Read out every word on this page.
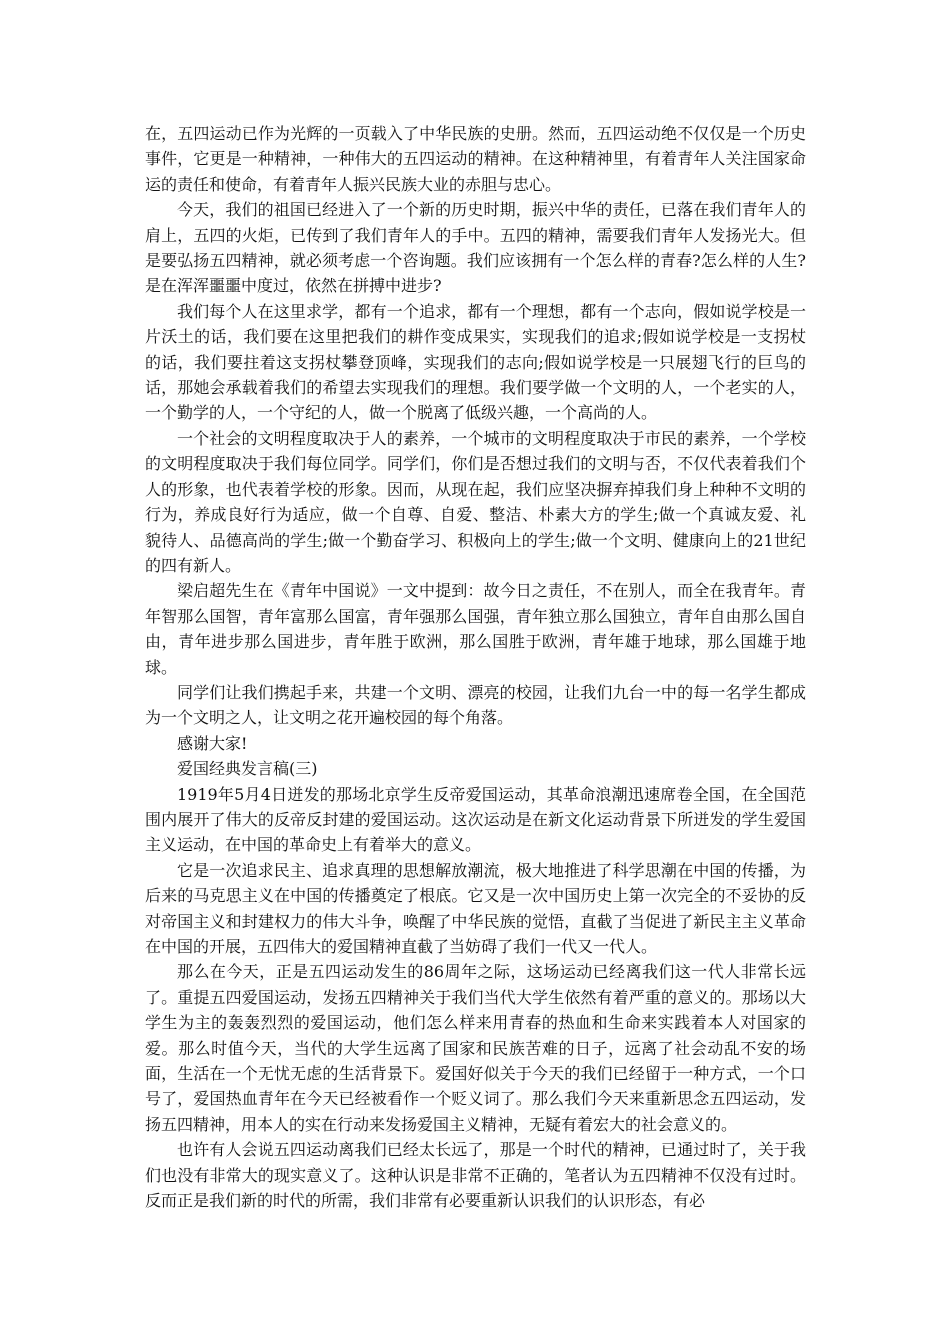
在，五四运动已作为光辉的一页载入了中华民族的史册。然而，五四运动绝不仅仅是一个历史事件，它更是一种精神，一种伟大的五四运动的精神。在这种精神里，有着青年人关注国家命运的责任和使命，有着青年人振兴民族大业的赤胆与忠心。

今天，我们的祖国已经进入了一个新的历史时期，振兴中华的责任，已落在我们青年人的肩上，五四的火炬，已传到了我们青年人的手中。五四的精神，需要我们青年人发扬光大。但是要弘扬五四精神，就必须考虑一个咨询题。我们应该拥有一个怎么样的青春?怎么样的人生?是在浑浑噩噩中度过，依然在拼搏中进步?

我们每个人在这里求学，都有一个追求，都有一个理想，都有一个志向，假如说学校是一片沃土的话，我们要在这里把我们的耕作变成果实，实现我们的追求;假如说学校是一支拐杖的话，我们要拄着这支拐杖攀登顶峰，实现我们的志向;假如说学校是一只展翅飞行的巨鸟的话，那她会承载着我们的希望去实现我们的理想。我们要学做一个文明的人，一个老实的人，一个勤学的人，一个守纪的人，做一个脱离了低级兴趣，一个高尚的人。

一个社会的文明程度取决于人的素养，一个城市的文明程度取决于市民的素养，一个学校的文明程度取决于我们每位同学。同学们，你们是否想过我们的文明与否，不仅代表着我们个人的形象，也代表着学校的形象。因而，从现在起，我们应坚决摒弃掉我们身上种种不文明的行为，养成良好行为适应，做一个自尊、自爱、整洁、朴素大方的学生;做一个真诚友爱、礼貌待人、品德高尚的学生;做一个勤奋学习、积极向上的学生;做一个文明、健康向上的21世纪的四有新人。

梁启超先生在《青年中国说》一文中提到：故今日之责任，不在别人，而全在我青年。青年智那么国智，青年富那么国富，青年强那么国强，青年独立那么国独立，青年自由那么国自由，青年进步那么国进步，青年胜于欧洲，那么国胜于欧洲，青年雄于地球，那么国雄于地球。

同学们让我们携起手来，共建一个文明、漂亮的校园，让我们九台一中的每一名学生都成为一个文明之人，让文明之花开遍校园的每个角落。

感谢大家!

爱国经典发言稿(三)

1919年5月4日迸发的那场北京学生反帝爱国运动，其革命浪潮迅速席卷全国，在全国范围内展开了伟大的反帝反封建的爱国运动。这次运动是在新文化运动背景下所迸发的学生爱国主义运动，在中国的革命史上有着举大的意义。

它是一次追求民主、追求真理的思想解放潮流，极大地推进了科学思潮在中国的传播，为后来的马克思主义在中国的传播奠定了根底。它又是一次中国历史上第一次完全的不妥协的反对帝国主义和封建权力的伟大斗争，唤醒了中华民族的觉悟，直截了当促进了新民主主义革命在中国的开展，五四伟大的爱国精神直截了当妨碍了我们一代又一代人。

那么在今天，正是五四运动发生的86周年之际，这场运动已经离我们这一代人非常长远了。重提五四爱国运动，发扬五四精神关于我们当代大学生依然有着严重的意义的。那场以大学生为主的轰轰烈烈的爱国运动，他们怎么样来用青春的热血和生命来实践着本人对国家的爱。那么时值今天，当代的大学生远离了国家和民族苦难的日子，远离了社会动乱不安的场面，生活在一个无忧无虑的生活背景下。爱国好似关于今天的我们已经留于一种方式，一个口号了，爱国热血青年在今天已经被看作一个贬义词了。那么我们今天来重新思念五四运动，发扬五四精神，用本人的实在行动来发扬爱国主义精神，无疑有着宏大的社会意义的。

也许有人会说五四运动离我们已经太长远了，那是一个时代的精神，已通过时了，关于我们也没有非常大的现实意义了。这种认识是非常不正确的，笔者认为五四精神不仅没有过时。反而正是我们新的时代的所需，我们非常有必要重新认识我们的认识形态，有必
